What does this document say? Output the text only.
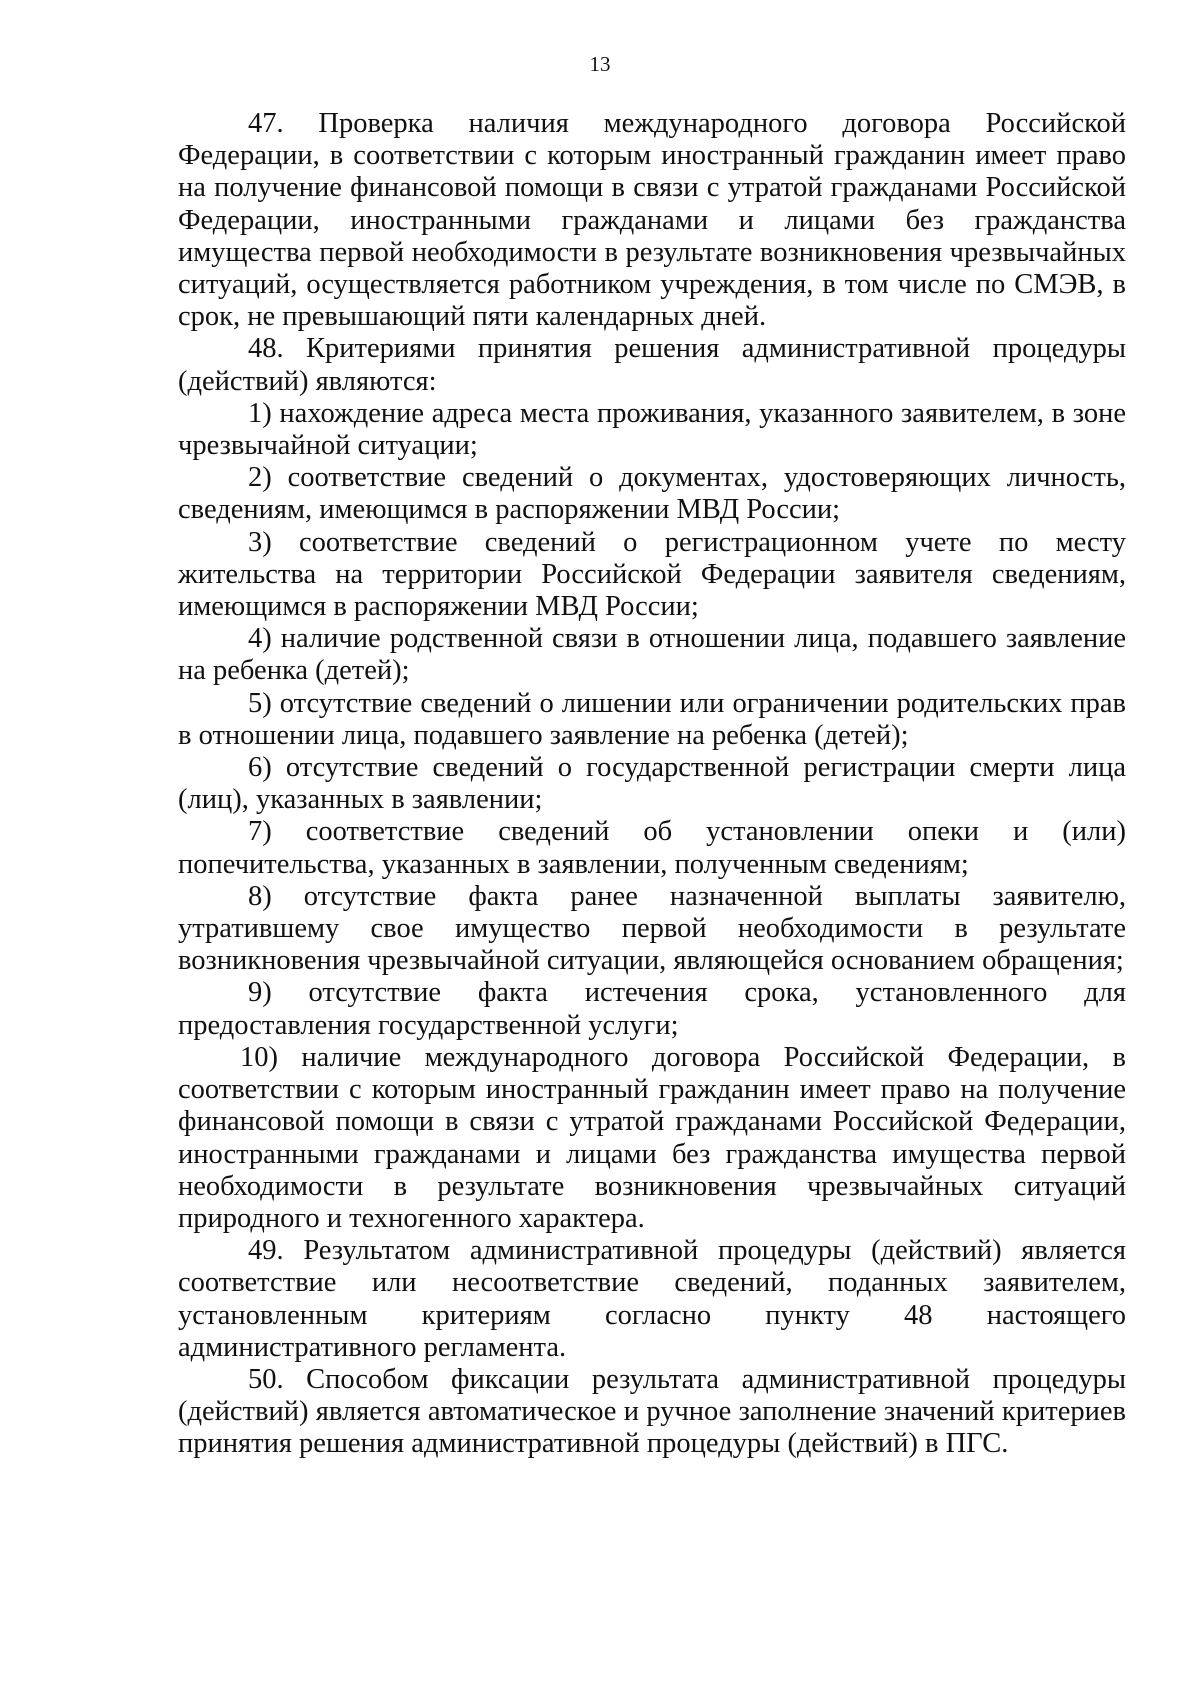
13

47. Проверка наличия международного договора Российской Федерации, в соответствии с которым иностранный гражданин имеет право на получение финансовой помощи в связи с утратой гражданами Российской Федерации, иностранными гражданами и лицами без гражданства имущества первой необходимости в результате возникновения чрезвычайных ситуаций, осуществляется работником учреждения, в том числе по СМЭВ, в срок, не превышающий пяти календарных дней.

48. Критериями принятия решения административной процедуры (действий) являются:

1) нахождение адреса места проживания, указанного заявителем, в зоне чрезвычайной ситуации;

2) соответствие сведений о документах, удостоверяющих личность, сведениям, имеющимся в распоряжении МВД России;

3) соответствие сведений о регистрационном учете по месту жительства на территории Российской Федерации заявителя сведениям, имеющимся в распоряжении МВД России;

4) наличие родственной связи в отношении лица, подавшего заявление на ребенка (детей);

5) отсутствие сведений о лишении или ограничении родительских прав в отношении лица, подавшего заявление на ребенка (детей);

6) отсутствие сведений о государственной регистрации смерти лица (лиц), указанных в заявлении;

7) соответствие сведений об установлении опеки и (или) попечительства, указанных в заявлении, полученным сведениям;

8) отсутствие факта ранее назначенной выплаты заявителю, утратившему свое имущество первой необходимости в результате возникновения чрезвычайной ситуации, являющейся основанием обращения;

9) отсутствие факта истечения срока, установленного для предоставления государственной услуги;

10) наличие международного договора Российской Федерации, в соответствии с которым иностранный гражданин имеет право на получение финансовой помощи в связи с утратой гражданами Российской Федерации, иностранными гражданами и лицами без гражданства имущества первой необходимости в результате возникновения чрезвычайных ситуаций природного и техногенного характера.

49. Результатом административной процедуры (действий) является соответствие или несоответствие сведений, поданных заявителем, установленным критериям согласно пункту 48 настоящего административного регламента.

50. Способом фиксации результата административной процедуры (действий) является автоматическое и ручное заполнение значений критериев принятия решения административной процедуры (действий) в ПГС.
